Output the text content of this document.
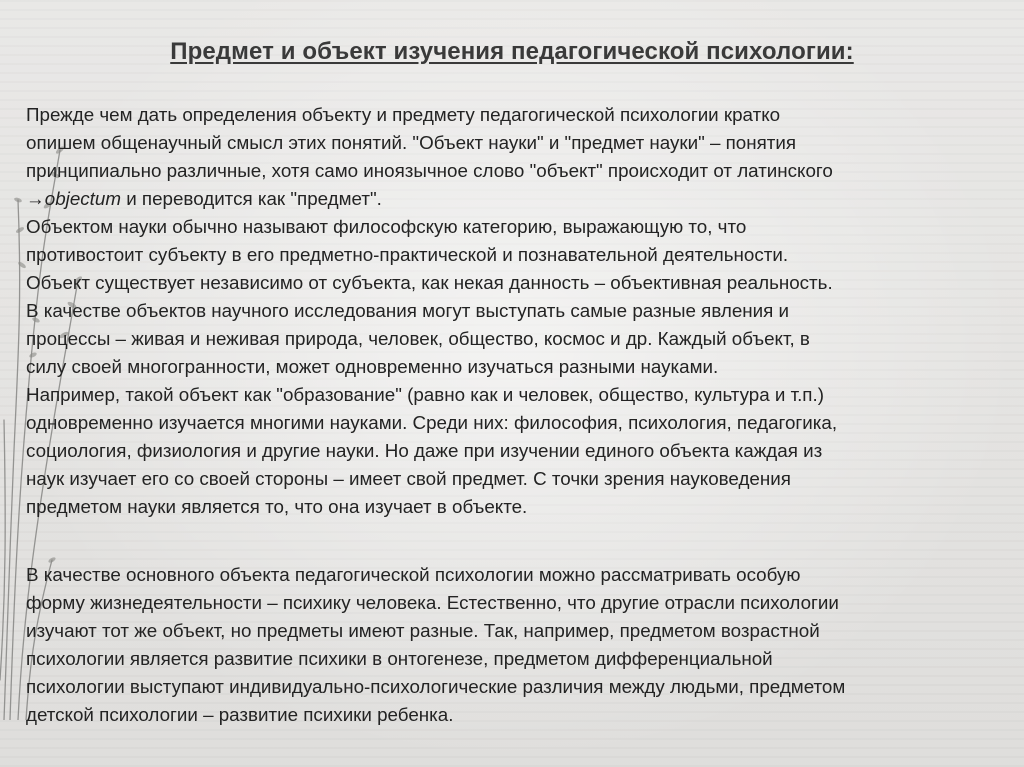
Предмет и объект изучения педагогической психологии:
Прежде чем дать определения объекту и предмету педагогической психологии кратко
опишем общенаучный смысл этих понятий. "Объект науки" и "предмет науки" – понятия
принципиально различные, хотя само иноязычное слово "объект" происходит от латинского
→objectum и переводится как "предмет".
Объектом науки обычно называют философскую категорию, выражающую то, что
противостоит субъекту в его предметно-практической и познавательной деятельности.
Объект существует независимо от субъекта, как некая данность – объективная реальность.
В качестве объектов научного исследования могут выступать самые разные явления и
процессы – живая и неживая природа, человек, общество, космос и др. Каждый объект, в
силу своей многогранности, может одновременно изучаться разными науками.
Например, такой объект как "образование" (равно как и человек, общество, культура и т.п.)
одновременно изучается многими науками. Среди них: философия, психология, педагогика,
социология, физиология и другие науки. Но даже при изучении единого объекта каждая из
наук изучает его со своей стороны – имеет свой предмет. С точки зрения науковедения
предметом науки является то, что она изучает в объекте.
В качестве основного объекта педагогической психологии можно рассматривать особую
форму жизнедеятельности – психику человека. Естественно, что другие отрасли психологии
изучают тот же объект, но предметы имеют разные. Так, например, предметом возрастной
психологии является развитие психики в онтогенезе, предметом дифференциальной
психологии выступают индивидуально-психологические различия между людьми, предметом
детской психологии – развитие психики ребенка.
